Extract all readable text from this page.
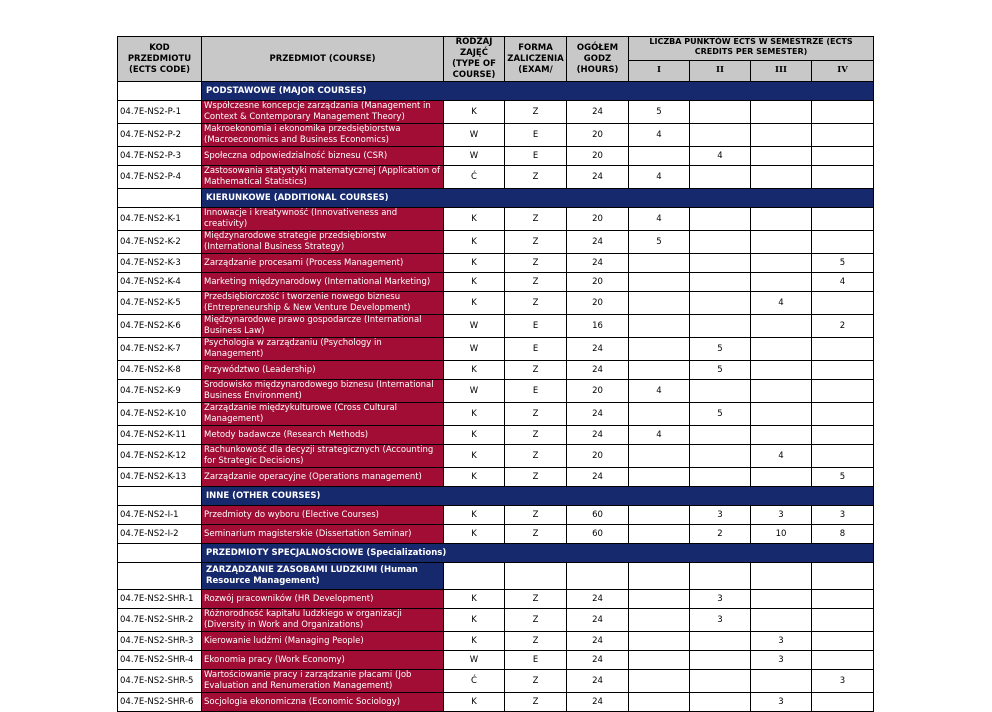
KOD PRZEDMIOTU (ECTS CODE)	PRZEDMIOT (COURSE)	RODZAJ ZAJĘĆ (TYPE OF COURSE)	FORMA ZALICZENIA (EXAM/	OGÓŁEM GODZ (HOURS)	LICZBA PUNKTÓW ECTS W SEMESTRZE (ECTS CREDITS PER SEMESTER)			
					I	II	III	IV
	PODSTAWOWE (MAJOR COURSES)							
04.7E-NS2-P-1	Współczesne koncepcje zarządzania (Management in Context & Contemporary Management Theory)	K	Z	24	5			
04.7E-NS2-P-2	Makroekonomia i ekonomika przedsiębiorstwa (Macroeconomics and Business Economics)	W	E	20	4			
04.7E-NS2-P-3	Społeczna odpowiedzialność biznesu (CSR)	W	E	20		4		
04.7E-NS2-P-4	Zastosowania statystyki matematycznej (Application of Mathematical Statistics)	Ć	Z	24	4			
	KIERUNKOWE (ADDITIONAL COURSES)							
04.7E-NS2-K-1	Innowacje i kreatywność (Innovativeness and creativity)	K	Z	20	4			
04.7E-NS2-K-2	Międzynarodowe strategie przedsiębiorstw (International Business Strategy)	K	Z	24	5			
04.7E-NS2-K-3	Zarządzanie procesami (Process Management)	K	Z	24				5
04.7E-NS2-K-4	Marketing międzynarodowy (International Marketing)	K	Z	20				4
04.7E-NS2-K-5	Przedsiębiorczość i tworzenie nowego biznesu (Entrepreneurship & New Venture Development)	K	Z	20			4	
04.7E-NS2-K-6	Międzynarodowe prawo gospodarcze (International Business Law)	W	E	16				2
04.7E-NS2-K-7	Psychologia w zarządzaniu (Psychology in Management)	W	E	24		5		
04.7E-NS2-K-8	Przywództwo (Leadership)	K	Z	24		5		
04.7E-NS2-K-9	Środowisko międzynarodowego biznesu (International Business Environment)	W	E	20	4			
04.7E-NS2-K-10	Zarządzanie międzykulturowe (Cross Cultural Management)	K	Z	24		5		
04.7E-NS2-K-11	Metody badawcze (Research Methods)	K	Z	24	4			
04.7E-NS2-K-12	Rachunkowość dla decyzji strategicznych (Accounting for Strategic Decisions)	K	Z	20			4	
04.7E-NS2-K-13	Zarządzanie operacyjne (Operations management)	K	Z	24				5
	INNE (OTHER COURSES)							
04.7E-NS2-I-1	Przedmioty do wyboru (Elective Courses)	K	Z	60		3	3	3
04.7E-NS2-I-2	Seminarium magisterskie (Dissertation Seminar)	K	Z	60		2	10	8
	PRZEDMIOTY SPECJALNOŚCIOWE (Specializations)							
	ZARZĄDZANIE ZASOBAMI LUDZKIMI (Human Resource Management)							
04.7E-NS2-SHR-1	Rozwój pracowników (HR Development)	K	Z	24		3		
04.7E-NS2-SHR-2	Różnorodność kapitału ludzkiego w organizacji (Diversity in Work and Organizations)	K	Z	24		3		
04.7E-NS2-SHR-3	Kierowanie ludźmi (Managing People)	K	Z	24			3	
04.7E-NS2-SHR-4	Ekonomia pracy (Work Economy)	W	E	24			3	
04.7E-NS2-SHR-5	Wartościowanie pracy i zarządzanie płacami (Job Evaluation and Renumeration Management)	Ć	Z	24				3
04.7E-NS2-SHR-6	Socjologia ekonomiczna (Economic Sociology)	K	Z	24			3	
